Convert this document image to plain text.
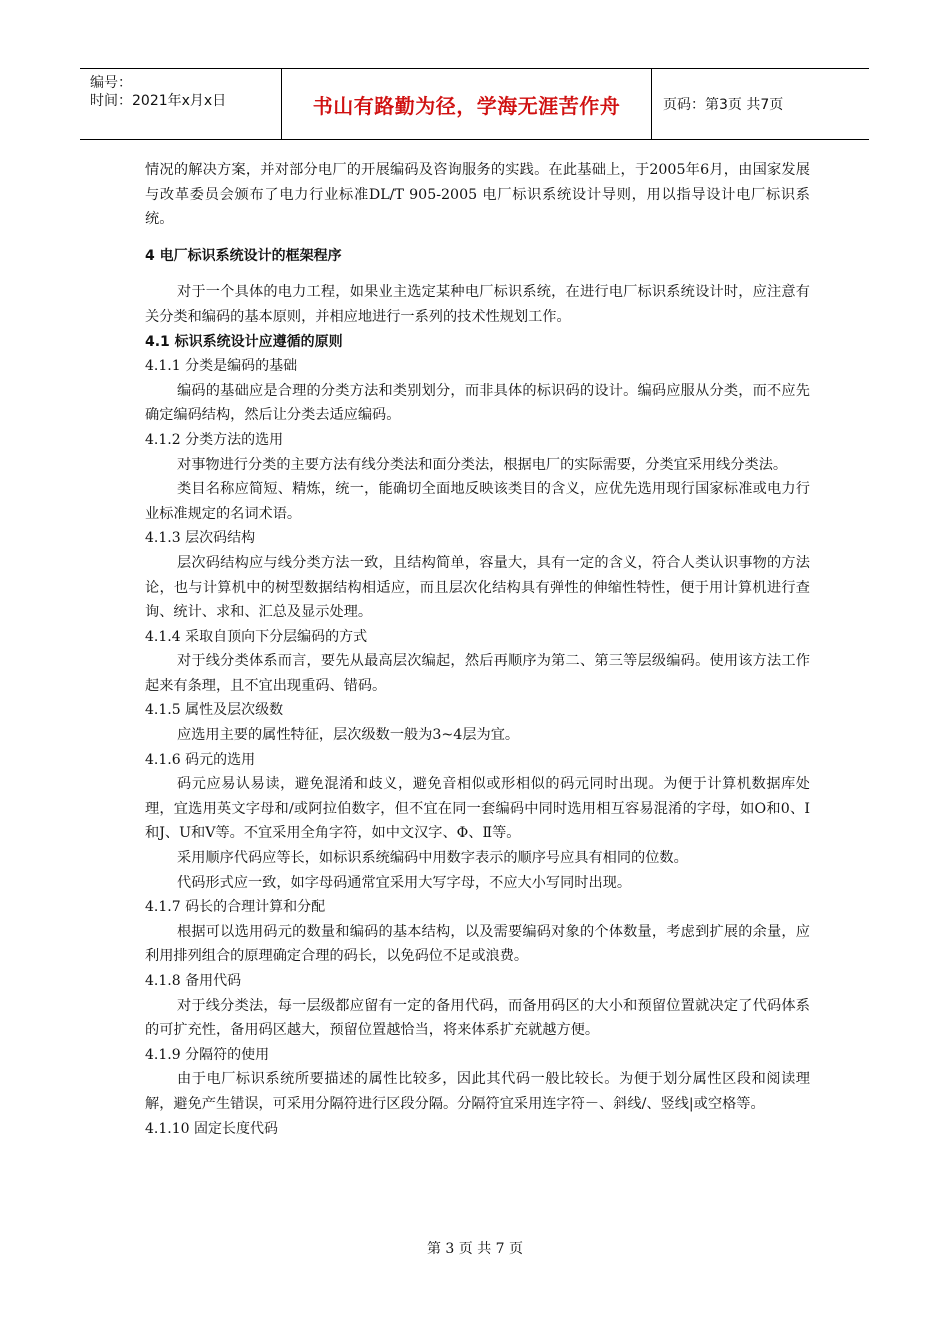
编号：
时间：2021年x月x日	书山有路勤为径，学海无涯苦作舟	页码：第3页 共7页

情况的解决方案，并对部分电厂的开展编码及咨询服务的实践。在此基础上，于2005年6月，由国家发展与改革委员会颁布了电力行业标准DL/T 905-2005 电厂标识系统设计导则，用以指导设计电厂标识系统。

4 电厂标识系统设计的框架程序

对于一个具体的电力工程，如果业主选定某种电厂标识系统，在进行电厂标识系统设计时，应注意有关分类和编码的基本原则，并相应地进行一系列的技术性规划工作。

4.1 标识系统设计应遵循的原则

4.1.1 分类是编码的基础

编码的基础应是合理的分类方法和类别划分，而非具体的标识码的设计。编码应服从分类，而不应先确定编码结构，然后让分类去适应编码。

4.1.2 分类方法的选用

对事物进行分类的主要方法有线分类法和面分类法，根据电厂的实际需要，分类宜采用线分类法。

类目名称应简短、精炼，统一，能确切全面地反映该类目的含义，应优先选用现行国家标准或电力行业标准规定的名词术语。

4.1.3 层次码结构

层次码结构应与线分类方法一致，且结构简单，容量大，具有一定的含义，符合人类认识事物的方法论，也与计算机中的树型数据结构相适应，而且层次化结构具有弹性的伸缩性特性，便于用计算机进行查询、统计、求和、汇总及显示处理。

4.1.4 采取自顶向下分层编码的方式

对于线分类体系而言，要先从最高层次编起，然后再顺序为第二、第三等层级编码。使用该方法工作起来有条理，且不宜出现重码、错码。

4.1.5 属性及层次级数

应选用主要的属性特征，层次级数一般为3~4层为宜。

4.1.6 码元的选用

码元应易认易读，避免混淆和歧义，避免音相似或形相似的码元同时出现。为便于计算机数据库处理，宜选用英文字母和/或阿拉伯数字，但不宜在同一套编码中同时选用相互容易混淆的字母，如O和0、I和J、U和V等。不宜采用全角字符，如中文汉字、Φ、Ⅱ等。

采用顺序代码应等长，如标识系统编码中用数字表示的顺序号应具有相同的位数。

代码形式应一致，如字母码通常宜采用大写字母，不应大小写同时出现。

4.1.7 码长的合理计算和分配

根据可以选用码元的数量和编码的基本结构，以及需要编码对象的个体数量，考虑到扩展的余量，应利用排列组合的原理确定合理的码长，以免码位不足或浪费。

4.1.8 备用代码

对于线分类法，每一层级都应留有一定的备用代码，而备用码区的大小和预留位置就决定了代码体系的可扩充性，备用码区越大，预留位置越恰当，将来体系扩充就越方便。

4.1.9 分隔符的使用

由于电厂标识系统所要描述的属性比较多，因此其代码一般比较长。为便于划分属性区段和阅读理解，避免产生错误，可采用分隔符进行区段分隔。分隔符宜采用连字符－、斜线/、竖线|或空格等。

4.1.10 固定长度代码

第 3 页 共 7 页
